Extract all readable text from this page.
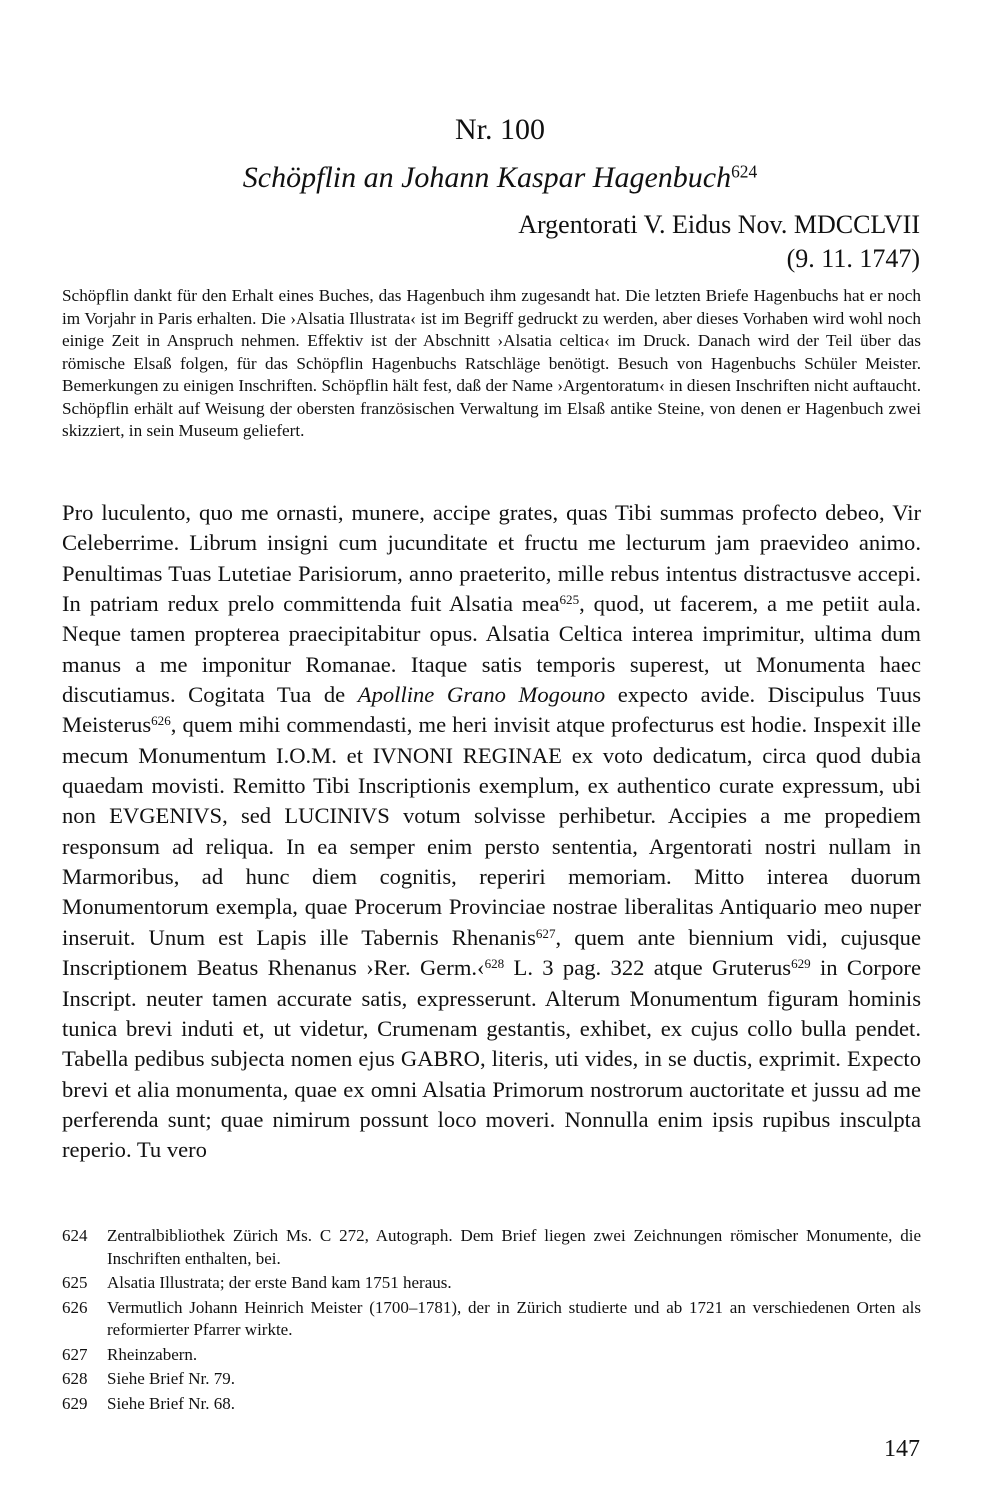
Nr. 100
Schöpflin an Johann Kaspar Hagenbuch$^{624}$
Argentorati V. Eidus Nov. MDCCLVII
(9. 11. 1747)
Schöpflin dankt für den Erhalt eines Buches, das Hagenbuch ihm zugesandt hat. Die letzten Briefe Hagenbuchs hat er noch im Vorjahr in Paris erhalten. Die ›Alsatia Illustrata‹ ist im Begriff gedruckt zu werden, aber dieses Vorhaben wird wohl noch einige Zeit in Anspruch nehmen. Effektiv ist der Abschnitt ›Alsatia celtica‹ im Druck. Danach wird der Teil über das römische Elsaß folgen, für das Schöpflin Hagenbuchs Ratschläge benötigt. Besuch von Hagenbuchs Schüler Meister. Bemerkungen zu einigen Inschriften. Schöpflin hält fest, daß der Name ›Argentoratum‹ in diesen Inschriften nicht auftaucht. Schöpflin erhält auf Weisung der obersten französischen Verwaltung im Elsaß antike Steine, von denen er Hagenbuch zwei skizziert, in sein Museum geliefert.
Pro luculento, quo me ornasti, munere, accipe grates, quas Tibi summas profecto debeo, Vir Celeberrime. Librum insigni cum jucunditate et fructu me lecturum jam praevideo animo. Penultimas Tuas Lutetiae Parisiorum, anno praeterito, mille rebus intentus distractusve accepi. In patriam redux prelo committenda fuit Alsatia mea$^{625}$, quod, ut facerem, a me petiit aula. Neque tamen propterea praecipitabitur opus. Alsatia Celtica interea imprimitur, ultima dum manus a me imponitur Romanae. Itaque satis temporis superest, ut Monumenta haec discutiamus. Cogitata Tua de Apolline Grano Mogouno expecto avide. Discipulus Tuus Meisterus$^{626}$, quem mihi commendasti, me heri invisit atque profecturus est hodie. Inspexit ille mecum Monumentum I.O.M. et IVNONI REGINAE ex voto dedicatum, circa quod dubia quaedam movisti. Remitto Tibi Inscriptionis exemplum, ex authentico curate expressum, ubi non EVGENIVS, sed LUCINIVS votum solvisse perhibetur. Accipies a me propediem responsum ad reliqua. In ea semper enim persto sententia, Argentorati nostri nullam in Marmoribus, ad hunc diem cognitis, reperiri memoriam. Mitto interea duorum Monumentorum exempla, quae Procerum Provinciae nostrae liberalitas Antiquario meo nuper inseruit. Unum est Lapis ille Tabernis Rhenanis$^{627}$, quem ante biennium vidi, cujusque Inscriptionem Beatus Rhenanus ›Rer. Germ.‹$^{628}$ L. 3 pag. 322 atque Gruterus$^{629}$ in Corpore Inscript. neuter tamen accurate satis, expresserunt. Alterum Monumentum figuram hominis tunica brevi induti et, ut videtur, Crumenam gestantis, exhibet, ex cujus collo bulla pendet. Tabella pedibus subjecta nomen ejus GABRO, literis, uti vides, in se ductis, exprimit. Expecto brevi et alia monumenta, quae ex omni Alsatia Primorum nostrorum auctoritate et jussu ad me perferenda sunt; quae nimirum possunt loco moveri. Nonnulla enim ipsis rupibus insculpta reperio. Tu vero
624	Zentralbibliothek Zürich Ms. C 272, Autograph. Dem Brief liegen zwei Zeichnungen römischer Monumente, die Inschriften enthalten, bei.
625	Alsatia Illustrata; der erste Band kam 1751 heraus.
626	Vermutlich Johann Heinrich Meister (1700–1781), der in Zürich studierte und ab 1721 an verschiedenen Orten als reformierter Pfarrer wirkte.
627	Rheinzabern.
628	Siehe Brief Nr. 79.
629	Siehe Brief Nr. 68.
147
